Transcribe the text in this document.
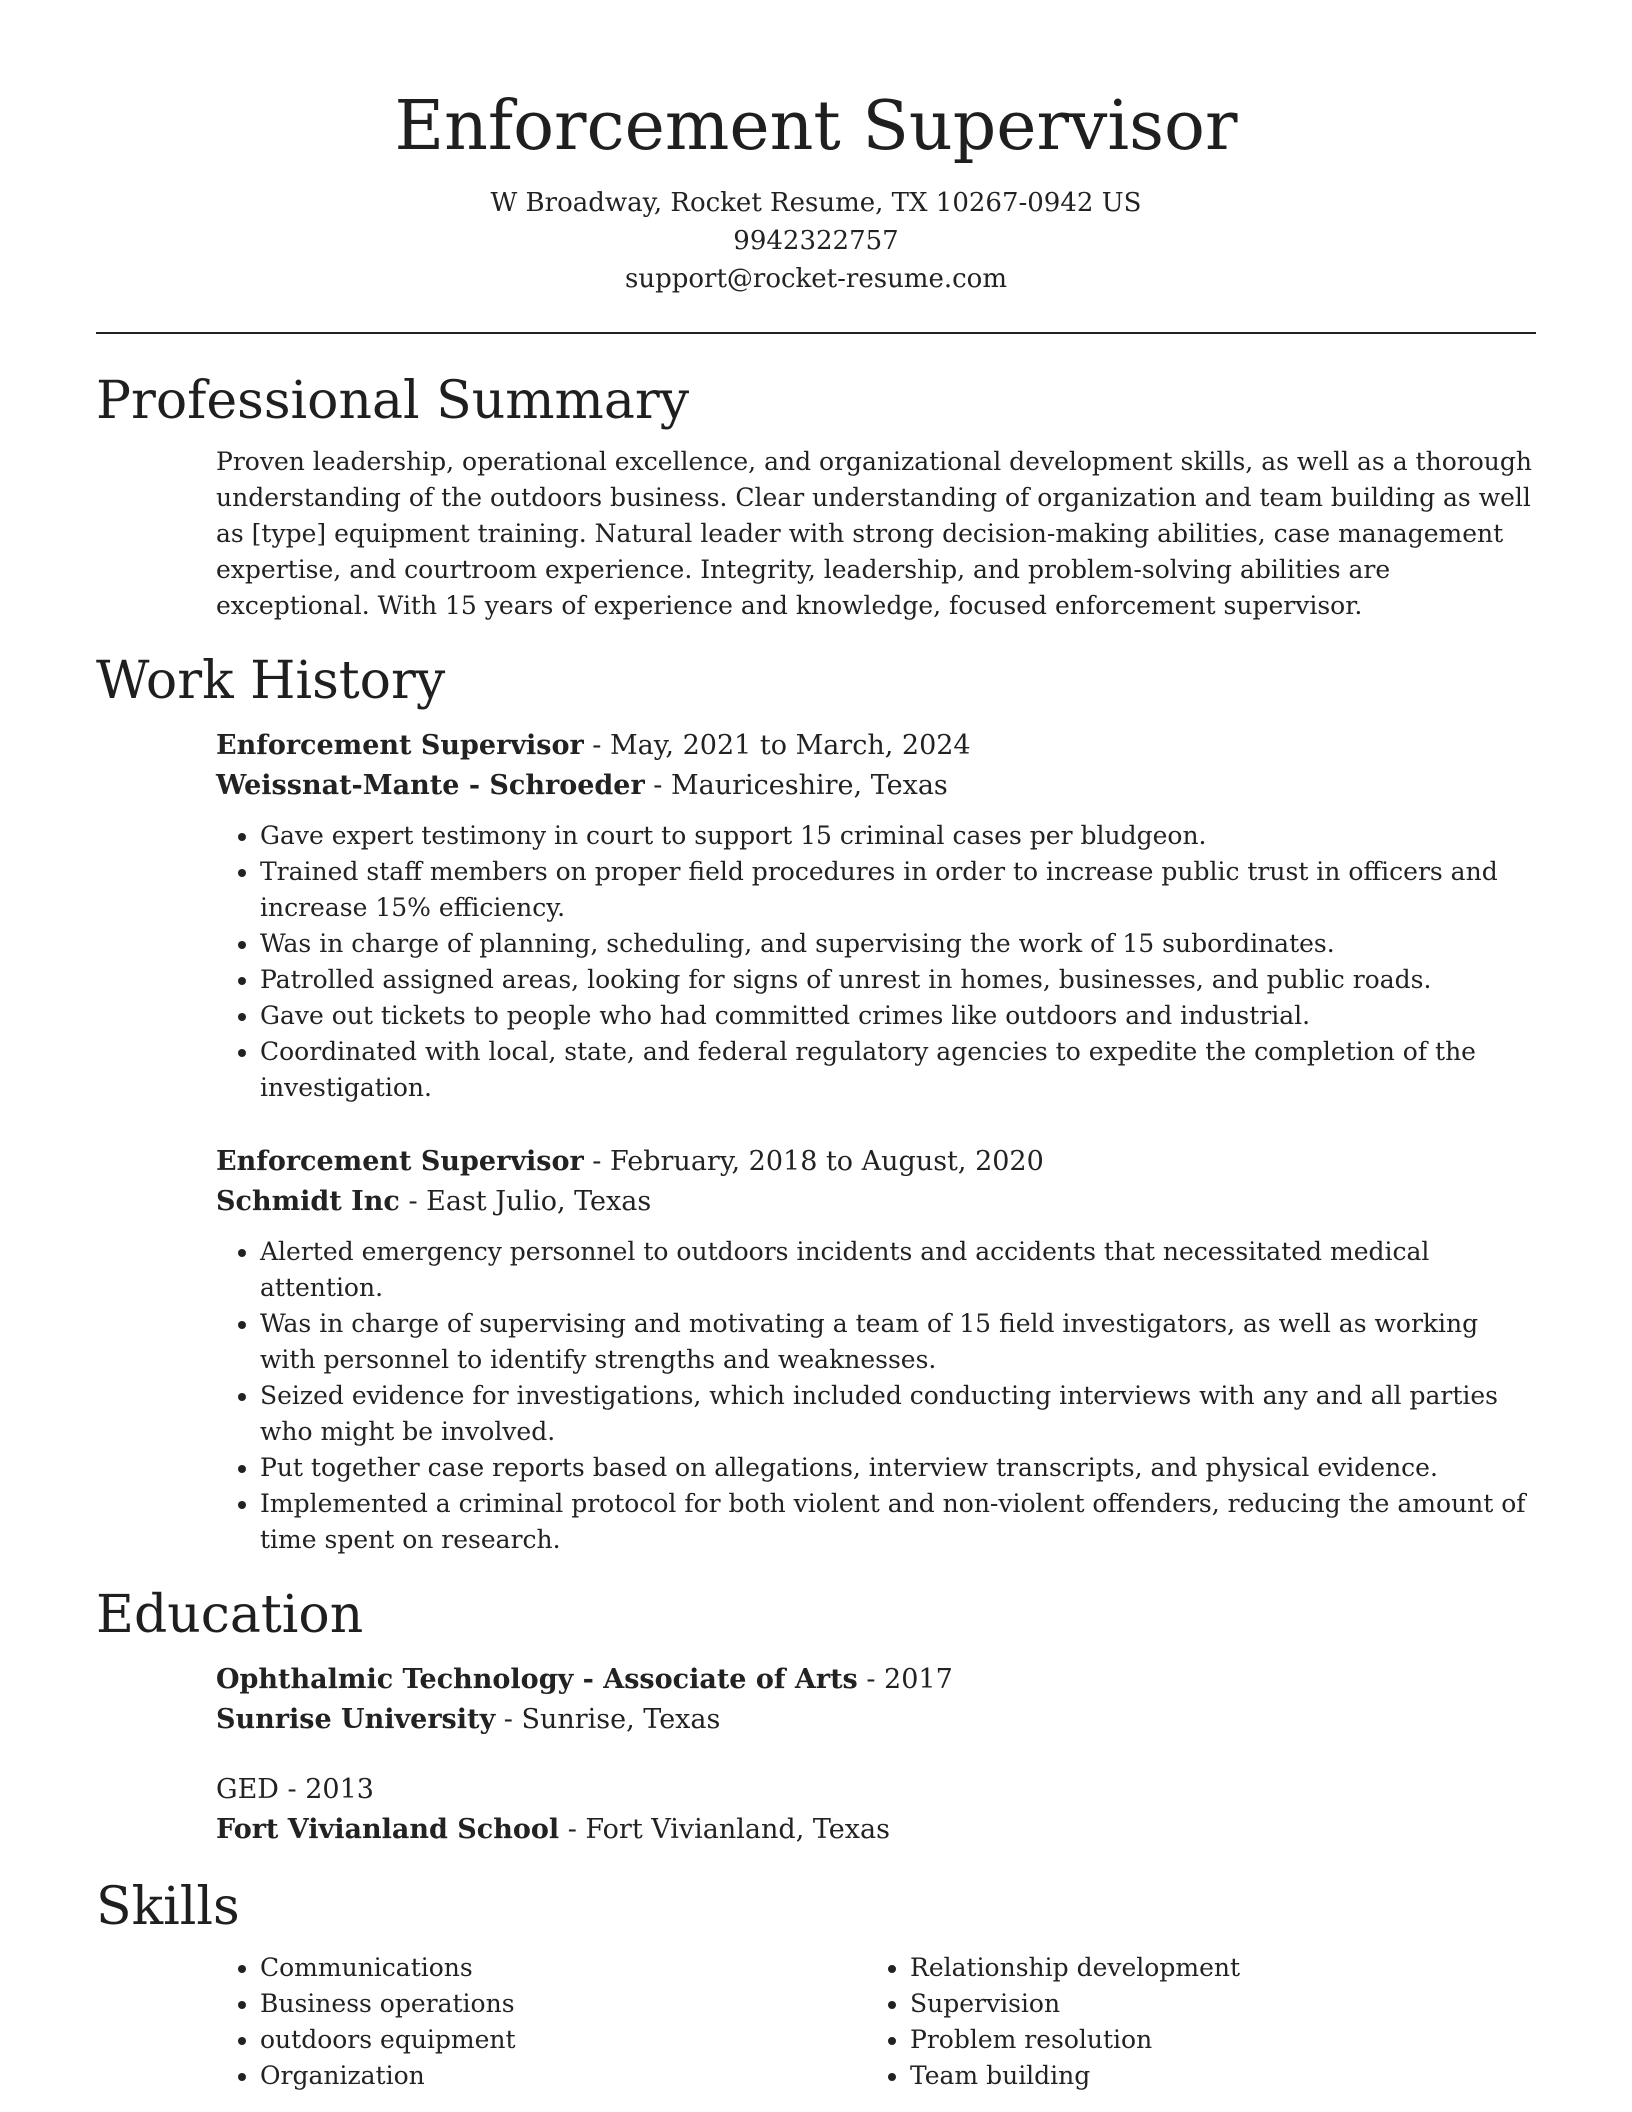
Enforcement Supervisor

W Broadway, Rocket Resume, TX 10267-0942 US

9942322757

support@rocket-resume.com

Professional Summary

Proven leadership, operational excellence, and organizational development skills, as well as a thorough understanding of the outdoors business. Clear understanding of organization and team building as well as [type] equipment training. Natural leader with strong decision-making abilities, case management expertise, and courtroom experience. Integrity, leadership, and problem-solving abilities are exceptional. With 15 years of experience and knowledge, focused enforcement supervisor.

Work History

Enforcement Supervisor - May, 2021 to March, 2024

Weissnat-Mante - Schroeder - Mauriceshire, Texas

• Gave expert testimony in court to support 15 criminal cases per bludgeon.
• Trained staff members on proper field procedures in order to increase public trust in officers and increase 15% efficiency.
• Was in charge of planning, scheduling, and supervising the work of 15 subordinates.
• Patrolled assigned areas, looking for signs of unrest in homes, businesses, and public roads.
• Gave out tickets to people who had committed crimes like outdoors and industrial.
• Coordinated with local, state, and federal regulatory agencies to expedite the completion of the investigation.

Enforcement Supervisor - February, 2018 to August, 2020

Schmidt Inc - East Julio, Texas

• Alerted emergency personnel to outdoors incidents and accidents that necessitated medical attention.
• Was in charge of supervising and motivating a team of 15 field investigators, as well as working with personnel to identify strengths and weaknesses.
• Seized evidence for investigations, which included conducting interviews with any and all parties who might be involved.
• Put together case reports based on allegations, interview transcripts, and physical evidence.
• Implemented a criminal protocol for both violent and non-violent offenders, reducing the amount of time spent on research.
Education

Ophthalmic Technology - Associate of Arts - 2017

Sunrise University - Sunrise, Texas

GED - 2013

Fort Vivianland School - Fort Vivianland, Texas

Skills
• Communications
• Business operations
• outdoors equipment
• Organization
• Relationship development
• Supervision
• Problem resolution
• Team building
